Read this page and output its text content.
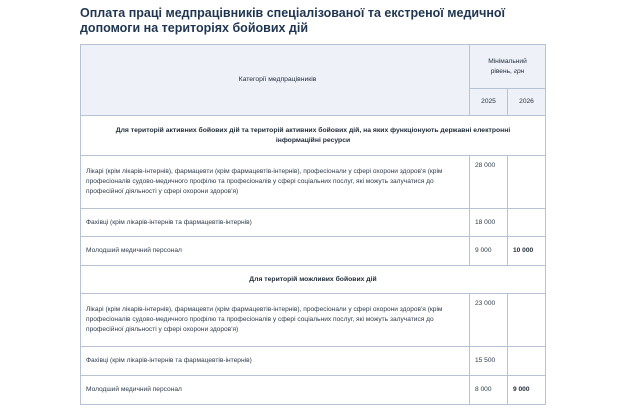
Оплата праці медпрацівників спеціалізованої та екстреної медичної допомоги на територіях бойових дій
Категорії медпрацівників	Мінімальний
рівень, грн	
	2025	2026
Для територій активних бойових дій та територій активних бойових дій, на яких функціонують державні електронні інформаційні ресурси		
Лікарі (крім лікарів-інтернів), фармацевти (крім фармацевтів-інтернів), професіонали у сфері охорони здоров'я (крім професіоналів судово-медичного профілю та професіоналів у сфері соціальних послуг, які можуть залучатися до професійної діяльності у сфері охорони здоров'я)	28 000	
Фахівці (крім лікарів-інтернів та фармацевтів-інтернів)	18 000	
Молодший медичний персонал	9 000	10 000
Для територій можливих бойових дій		
Лікарі (крім лікарів-інтернів), фармацевти (крім фармацевтів-інтернів), професіонали у сфері охорони здоров'я (крім професіоналів судово-медичного профілю та професіоналів у сфері соціальних послуг, які можуть залучатися до професійної діяльності у сфері охорони здоров'я)	23 000	
Фахівці (крім лікарів-інтернів та фармацевтів-інтернів)	15 500	
Молодший медичний персонал	8 000	9 000
